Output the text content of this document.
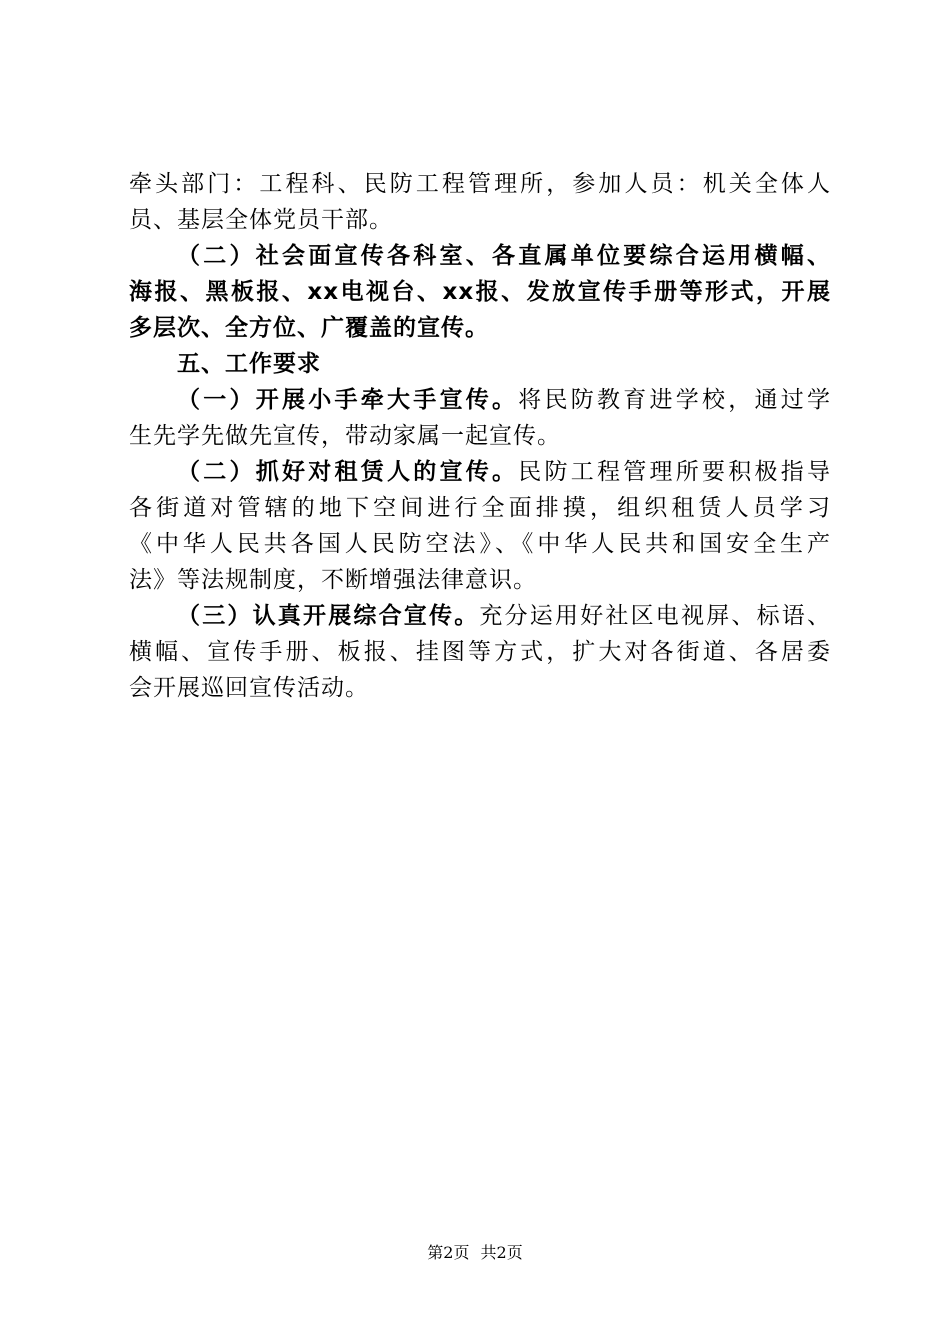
牵头部门：工程科、民防工程管理所，参加人员：机关全体人
员、基层全体党员干部。
（二）社会面宣传各科室、各直属单位要综合运用横幅、
海报、黑板报、xx电视台、xx报、发放宣传手册等形式，开展
多层次、全方位、广覆盖的宣传。
五、工作要求
（一）开展小手牵大手宣传。将民防教育进学校，通过学
生先学先做先宣传，带动家属一起宣传。
（二）抓好对租赁人的宣传。民防工程管理所要积极指导
各街道对管辖的地下空间进行全面排摸，组织租赁人员学习
《中华人民共各国人民防空法》、《中华人民共和国安全生产
法》等法规制度，不断增强法律意识。
（三）认真开展综合宣传。充分运用好社区电视屏、标语、
横幅、宣传手册、板报、挂图等方式，扩大对各街道、各居委
会开展巡回宣传活动。
第2页 共2页
